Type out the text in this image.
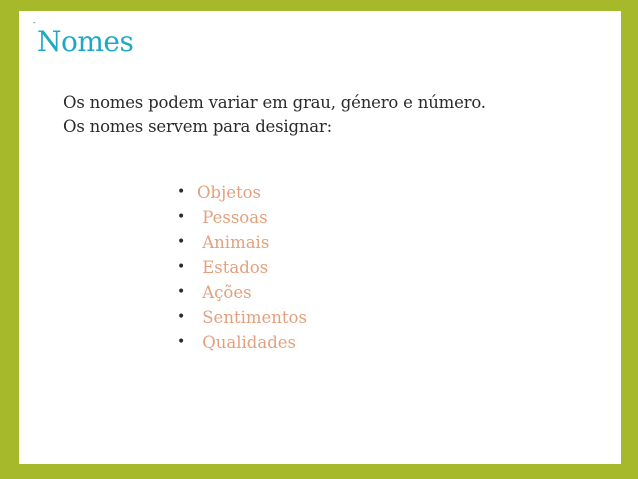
-
Nomes
Os nomes podem variar em grau, género e número.
Os nomes servem para designar:
• Objetos
• Pessoas
• Animais
• Estados
• Ações
• Sentimentos
• Qualidades
